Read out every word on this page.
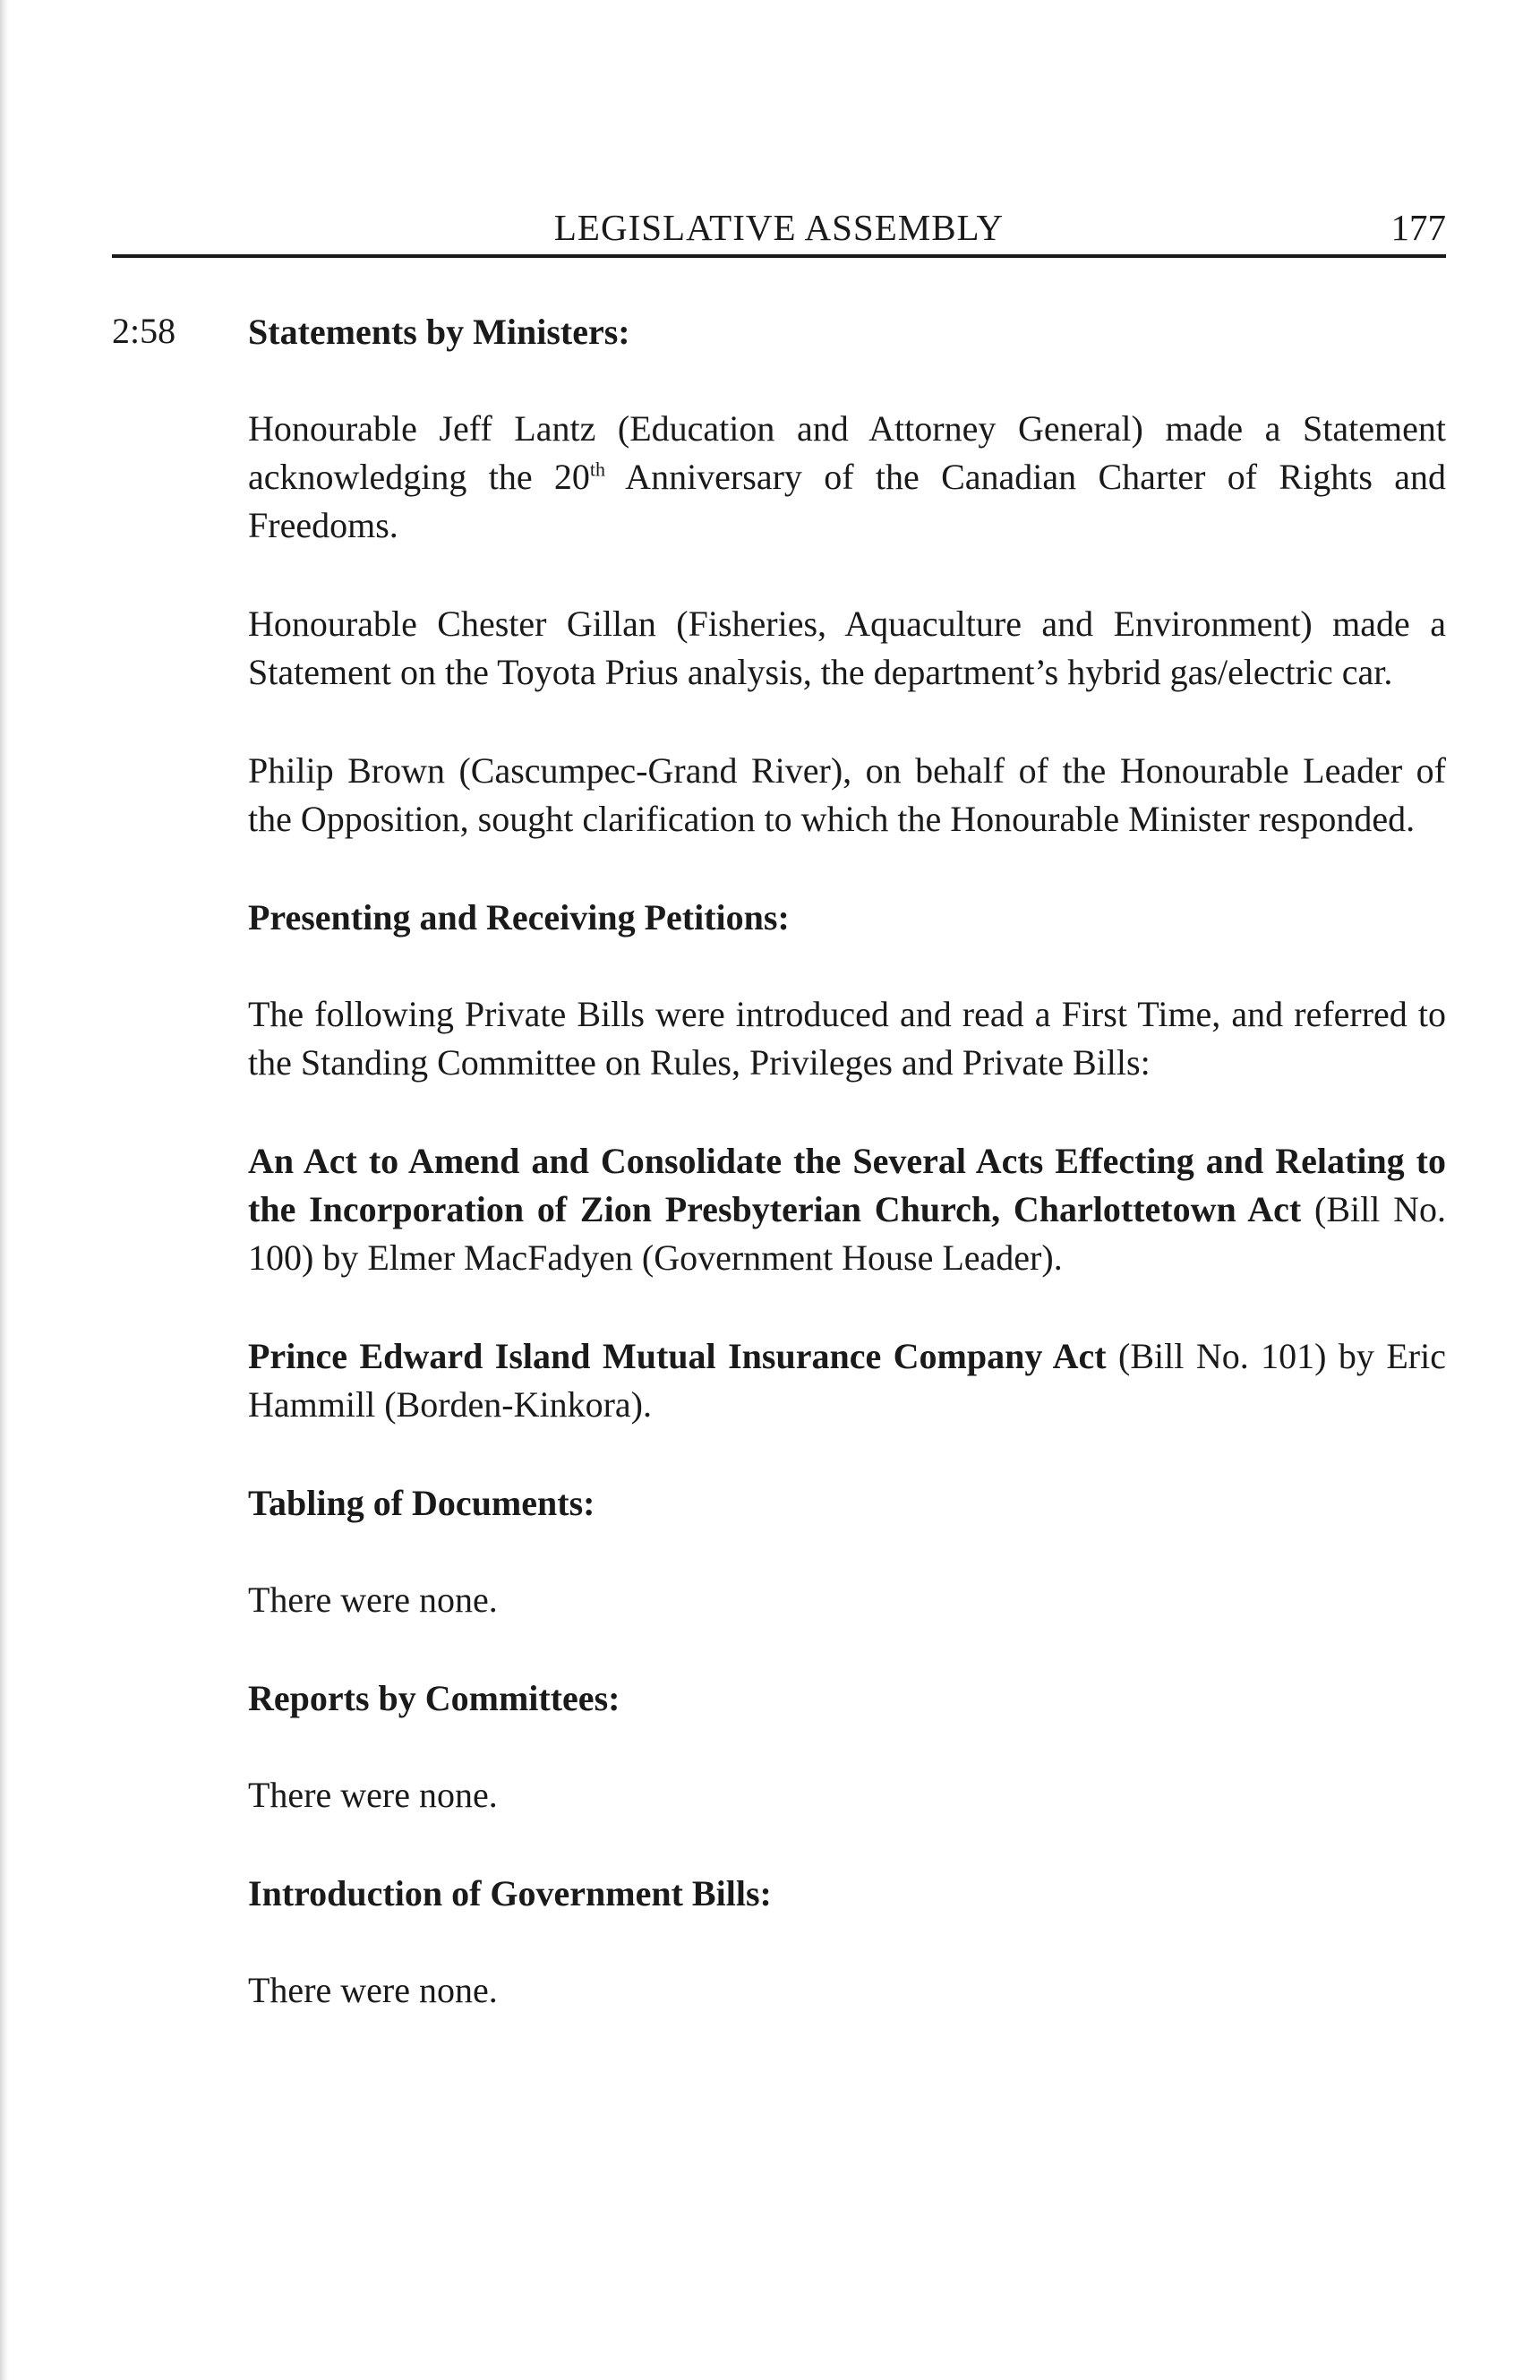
LEGISLATIVE ASSEMBLY	177
2:58 Statements by Ministers:

Honourable Jeff Lantz (Education and Attorney General) made a Statement acknowledging the 20th Anniversary of the Canadian Charter of Rights and Freedoms.

Honourable Chester Gillan (Fisheries, Aquaculture and Environment) made a Statement on the Toyota Prius analysis, the department’s hybrid gas/electric car.

Philip Brown (Cascumpec-Grand River), on behalf of the Honourable Leader of the Opposition, sought clarification to which the Honourable Minister responded.

Presenting and Receiving Petitions:

The following Private Bills were introduced and read a First Time, and referred to the Standing Committee on Rules, Privileges and Private Bills:

An Act to Amend and Consolidate the Several Acts Effecting and Relating to the Incorporation of Zion Presbyterian Church, Charlottetown Act (Bill No. 100) by Elmer MacFadyen (Government House Leader).

Prince Edward Island Mutual Insurance Company Act (Bill No. 101) by Eric Hammill (Borden-Kinkora).

Tabling of Documents:

There were none.

Reports by Committees:

There were none.

Introduction of Government Bills:

There were none.
